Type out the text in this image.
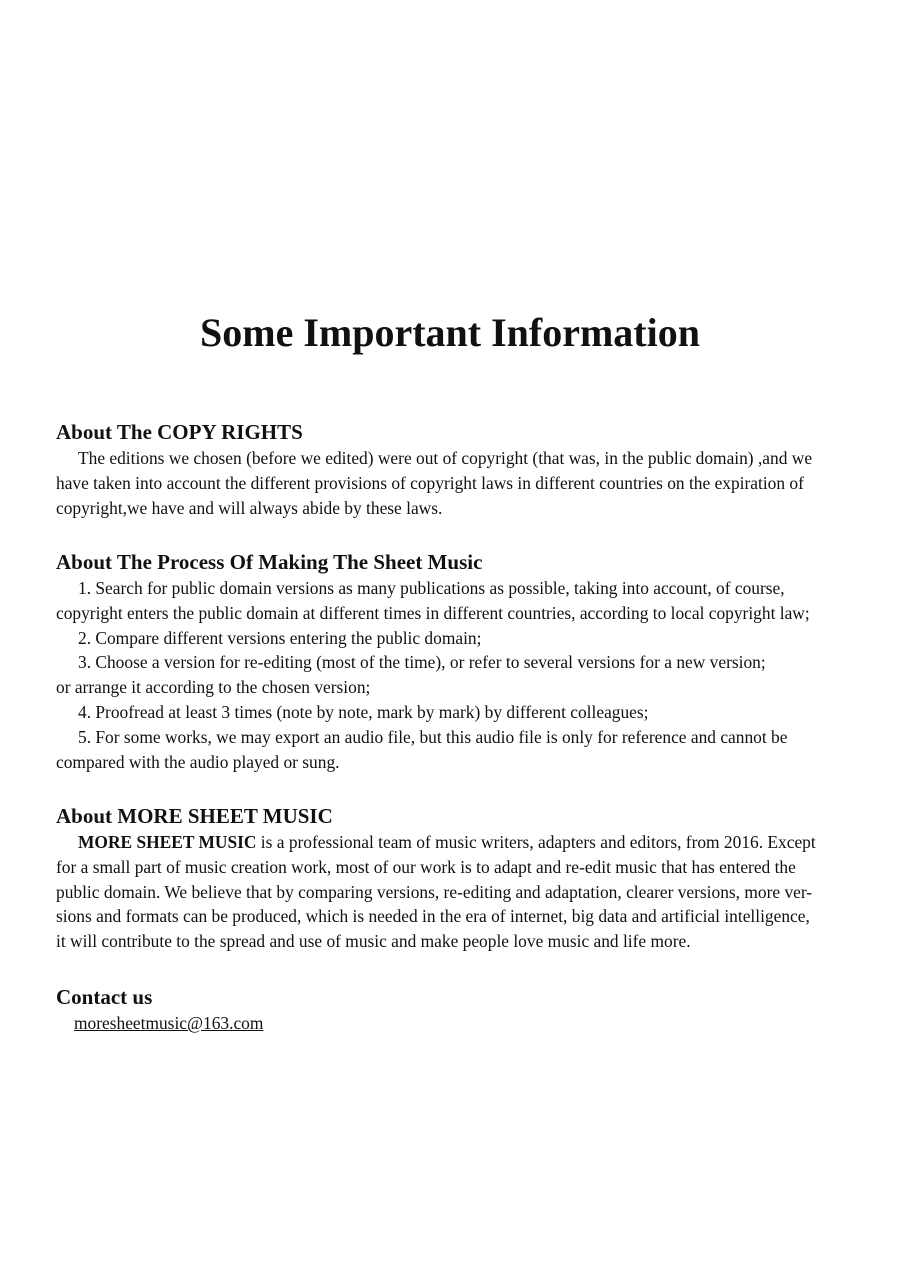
Some Important Information
About The COPY RIGHTS

The editions we chosen (before we edited) were out of copyright (that was, in the public domain) ,and we
have taken into account the different provisions of copyright laws in different countries on the expiration of
copyright,we have and will always abide by these laws.

About The Process Of Making The Sheet Music

1. Search for public domain versions as many publications as possible, taking into account, of course,
copyright enters the public domain at different times in different countries, according to local copyright law;
2. Compare different versions entering the public domain;
3. Choose a version for re-editing (most of the time), or refer to several versions for a new version;
or arrange it according to the chosen version;
4. Proofread at least 3 times (note by note, mark by mark) by different colleagues;
5. For some works, we may export an audio file, but this audio file is only for reference and cannot be
compared with the audio played or sung.

About MORE SHEET MUSIC

MORE SHEET MUSIC is a professional team of music writers, adapters and editors, from 2016. Except
for a small part of music creation work, most of our work is to adapt and re-edit music that has entered the
public domain. We believe that by comparing versions, re-editing and adaptation, clearer versions, more ver-
sions and formats can be produced, which is needed in the era of internet, big data and artificial intelligence,
it will contribute to the spread and use of music and make people love music and life more.

Contact us
moresheetmusic@163.com
